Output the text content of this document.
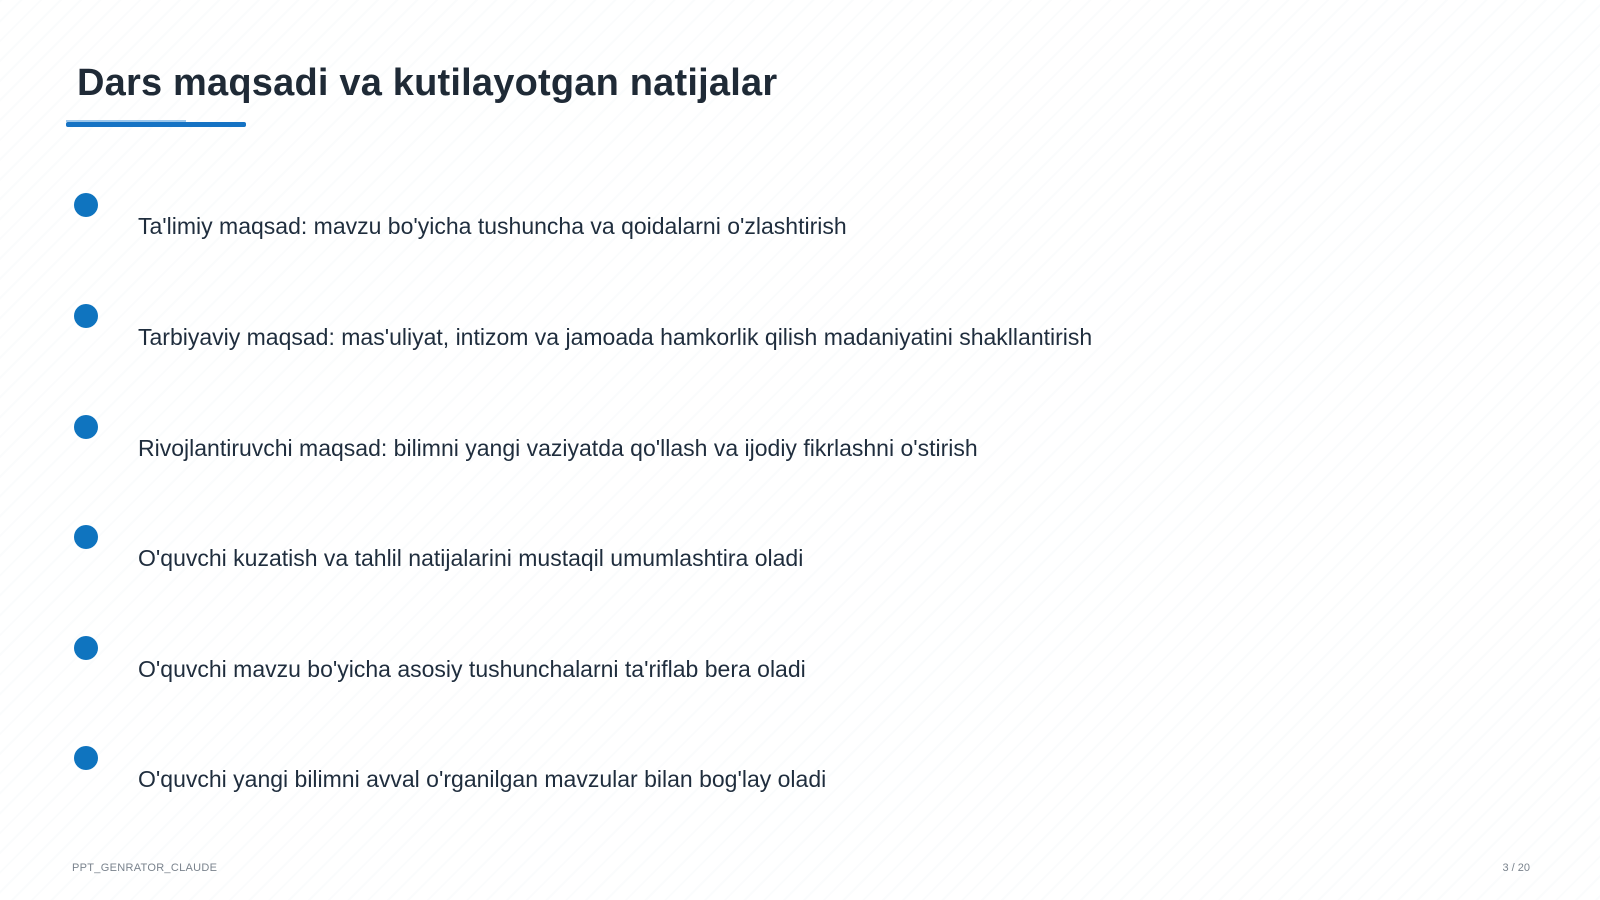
Dars maqsadi va kutilayotgan natijalar
Ta'limiy maqsad: mavzu bo'yicha tushuncha va qoidalarni o'zlashtirish
Tarbiyaviy maqsad: mas'uliyat, intizom va jamoada hamkorlik qilish madaniyatini shakllantirish
Rivojlantiruvchi maqsad: bilimni yangi vaziyatda qo'llash va ijodiy fikrlashni o'stirish
O'quvchi kuzatish va tahlil natijalarini mustaqil umumlashtira oladi
O'quvchi mavzu bo'yicha asosiy tushunchalarni ta'riflab bera oladi
O'quvchi yangi bilimni avval o'rganilgan mavzular bilan bog'lay oladi
PPT_GENRATOR_CLAUDE	3 / 20
